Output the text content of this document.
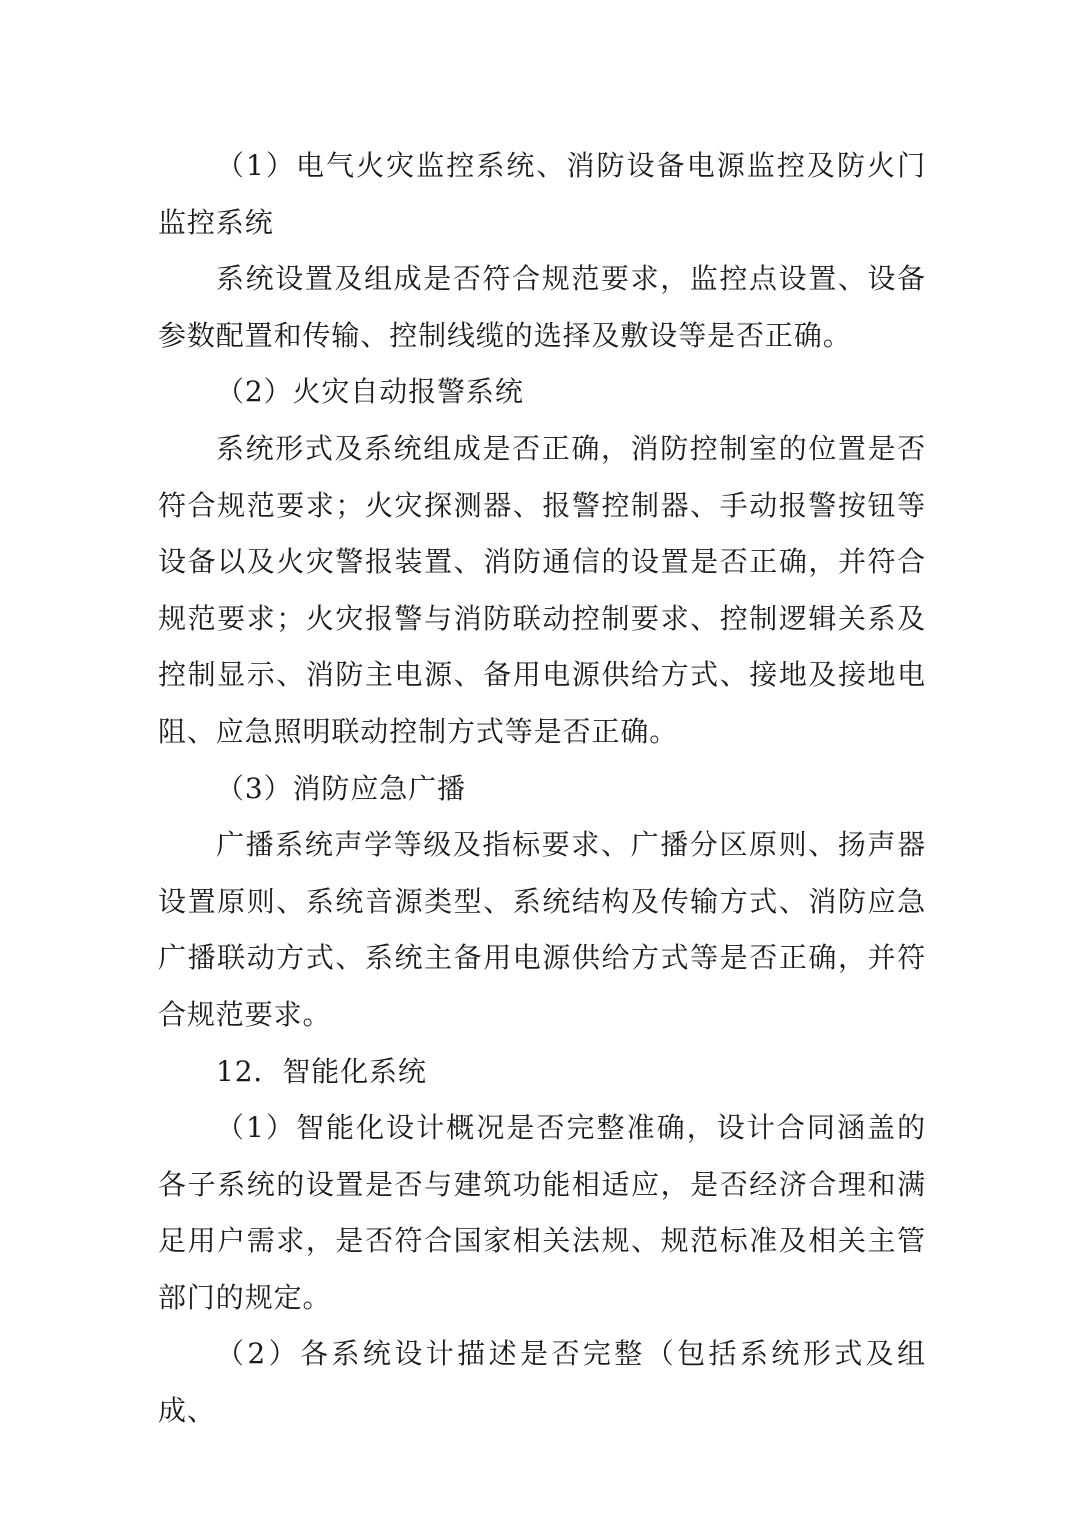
（1）电气火灾监控系统、消防设备电源监控及防火门监控系统

系统设置及组成是否符合规范要求，监控点设置、设备参数配置和传输、控制线缆的选择及敷设等是否正确。

（2）火灾自动报警系统

系统形式及系统组成是否正确，消防控制室的位置是否符合规范要求；火灾探测器、报警控制器、手动报警按钮等设备以及火灾警报装置、消防通信的设置是否正确，并符合规范要求；火灾报警与消防联动控制要求、控制逻辑关系及控制显示、消防主电源、备用电源供给方式、接地及接地电阻、应急照明联动控制方式等是否正确。

（3）消防应急广播

广播系统声学等级及指标要求、广播分区原则、扬声器设置原则、系统音源类型、系统结构及传输方式、消防应急广播联动方式、系统主备用电源供给方式等是否正确，并符合规范要求。

12．智能化系统

（1）智能化设计概况是否完整准确，设计合同涵盖的各子系统的设置是否与建筑功能相适应，是否经济合理和满足用户需求，是否符合国家相关法规、规范标准及相关主管部门的规定。

（2）各系统设计描述是否完整（包括系统形式及组成、
